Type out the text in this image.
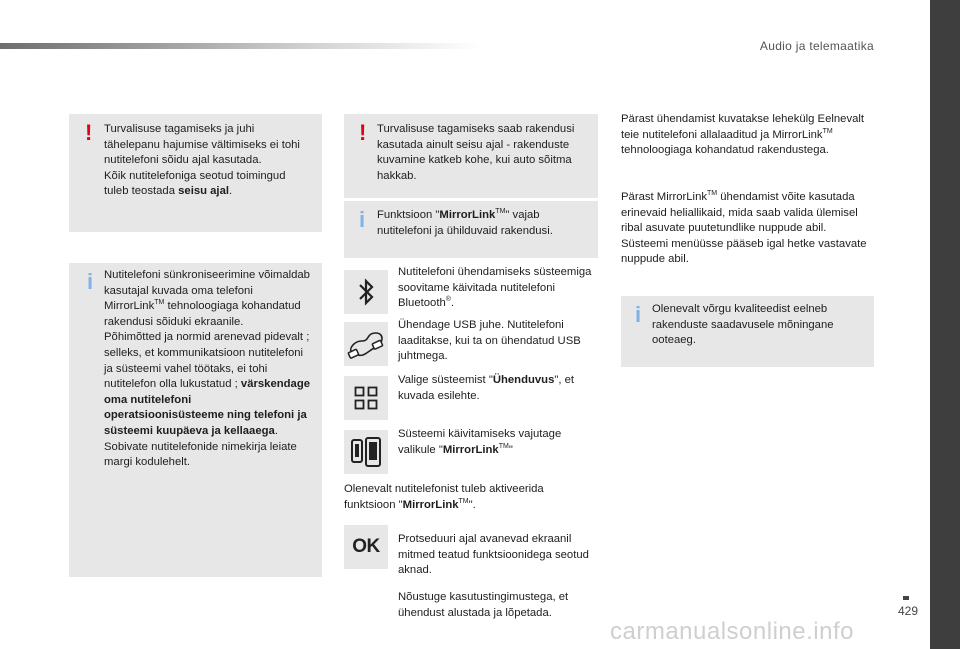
Audio ja telemaatika
! Turvalisuse tagamiseks ja juhi tähelepanu hajumise vältimiseks ei tohi nutitelefoni sõidu ajal kasutada.

Kõik nutitelefoniga seotud toimingud tuleb teostada seisu ajal.

i Nutitelefoni sünkroniseerimine võimaldab kasutajal kuvada oma telefoni MirrorLink™ tehnoloogiaga kohandatud rakendusi sõiduki ekraanile.

Põhimõtted ja normid arenevad pidevalt ; selleks, et kommunikatsioon nutitelefoni ja süsteemi vahel töötaks, ei tohi nutitelefon olla lukustatud ; värskendage oma nutitelefoni operatsioonisüsteeme ning telefoni ja süsteemi kuupäeva ja kellaaega. Sobivate nutitelefonide nimekirja leiate margi kodulehelt.

! Turvalisuse tagamiseks saab rakendusi kasutada ainult seisu ajal - rakenduste kuvamine katkeb kohe, kui auto sõitma hakkab.
i Funktsioon "MirrorLink™" vajab nutitelefoni ja ühilduvaid rakendusi.
Nutitelefoni ühendamiseks süsteemiga soovitame käivitada nutitelefoni Bluetooth®.
Ühendage USB juhe. Nutitelefoni laaditakse, kui ta on ühendatud USB juhtmega.
Valige süsteemist "Ühenduvus", et kuvada esilehte.
Süsteemi käivitamiseks vajutage valikule "MirrorLink™"
Olenevalt nutitelefonist tuleb aktiveerida funktsioon "MirrorLink™".
OK Protseduuri ajal avanevad ekraanil mitmed teatud funktsioonidega seotud aknad.

Nõustuge kasutustingimustega, et ühendust alustada ja lõpetada.

Pärast ühendamist kuvatakse lehekülg Eelnevalt teie nutitelefoni allalaaditud ja MirrorLink™ tehnoloogiaga kohandatud rakendustega.
Pärast MirrorLink™ ühendamist võite kasutada erinevaid heliallikaid, mida saab valida ülemisel ribal asuvate puutetundlike nuppude abil. Süsteemi menüüsse pääseb igal hetke vastavate nuppude abil.
i Olenevalt võrgu kvaliteedist eelneb rakenduste saadavusele mõningane ooteaeg.
429
carmanualsonline.info
